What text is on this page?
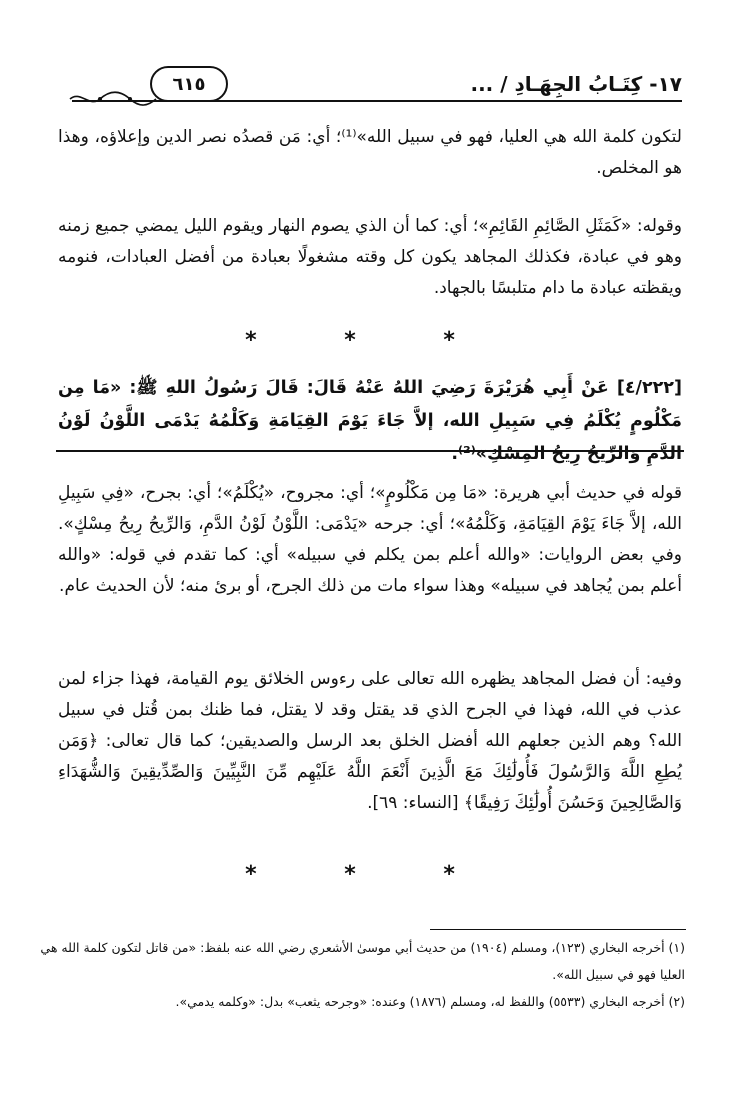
١٧- كِتَـابُ الجِهَـادِ / ...
٦١٥
لتكون كلمة الله هي العليا، فهو في سبيل الله»⁽¹⁾؛ أي: مَن قصدُه نصر الدين وإعلاؤه، وهذا هو المخلص.
وقوله: «كَمَثَلِ الصَّائِمِ القَائِمِ»؛ أي: كما أن الذي يصوم النهار ويقوم الليل يمضي جميع زمنه وهو في عبادة، فكذلك المجاهد يكون كل وقته مشغولًا بعبادة من أفضل العبادات، فنومه ويقظته عبادة ما دام متلبسًا بالجهاد.
* * *
[٤/٢٢٢] عَنْ أَبِي هُرَيْرَةَ رَضِيَ اللهُ عَنْهُ قَالَ: قَالَ رَسُولُ اللهِ ﷺ: «مَا مِن مَكْلُومٍ يُكْلَمُ فِي سَبِيلِ الله، إلاَّ جَاءَ يَوْمَ القِيَامَةِ وَكَلْمُهُ يَدْمَى اللَّوْنُ لَوْنُ الدَّمِ وَالرِّيحُ رِيحُ المِسْكِ»⁽²⁾.
قوله في حديث أبي هريرة: «مَا مِن مَكْلُومٍ»؛ أي: مجروح، «يُكْلَمُ»؛ أي: بجرح، «فِي سَبِيلِ الله، إلاَّ جَاءَ يَوْمَ القِيَامَةِ، وَكَلْمُهُ»؛ أي: جرحه «يَدْمَى: اللَّوْنُ لَوْنُ الدَّمِ، وَالرِّيحُ رِيحُ مِسْكٍ». وفي بعض الروايات: «والله أعلم بمن يكلم في سبيله» أي: كما تقدم في قوله: «والله أعلم بمن يُجاهد في سبيله» وهذا سواء مات من ذلك الجرح، أو برئ منه؛ لأن الحديث عام.
وفيه: أن فضل المجاهد يظهره الله تعالى على رءوس الخلائق يوم القيامة، فهذا جزاء لمن عذب في الله، فهذا في الجرح الذي قد يقتل وقد لا يقتل، فما ظنك بمن قُتل في سبيل الله؟ وهم الذين جعلهم الله أفضل الخلق بعد الرسل والصديقين؛ كما قال تعالى: ﴿وَمَن يُطِعِ اللَّهَ وَالرَّسُولَ فَأُولَٰئِكَ مَعَ الَّذِينَ أَنْعَمَ اللَّهُ عَلَيْهِم مِّنَ النَّبِيِّينَ وَالصِّدِّيقِينَ وَالشُّهَدَاءِ وَالصَّالِحِينَ وَحَسُنَ أُولَٰئِكَ رَفِيقًا﴾ [النساء: ٦٩].
* * *

(١) أخرجه البخاري (١٢٣)، ومسلم (١٩٠٤) من حديث أبي موسىٰ الأشعري رضي الله عنه بلفظ: «من قاتل لتكون كلمة الله هي العليا فهو في سبيل الله».

(٢) أخرجه البخاري (٥٥٣٣) واللفظ له، ومسلم (١٨٧٦) وعنده: «وجرحه يثعب» بدل: «وكلمه يدمي».
